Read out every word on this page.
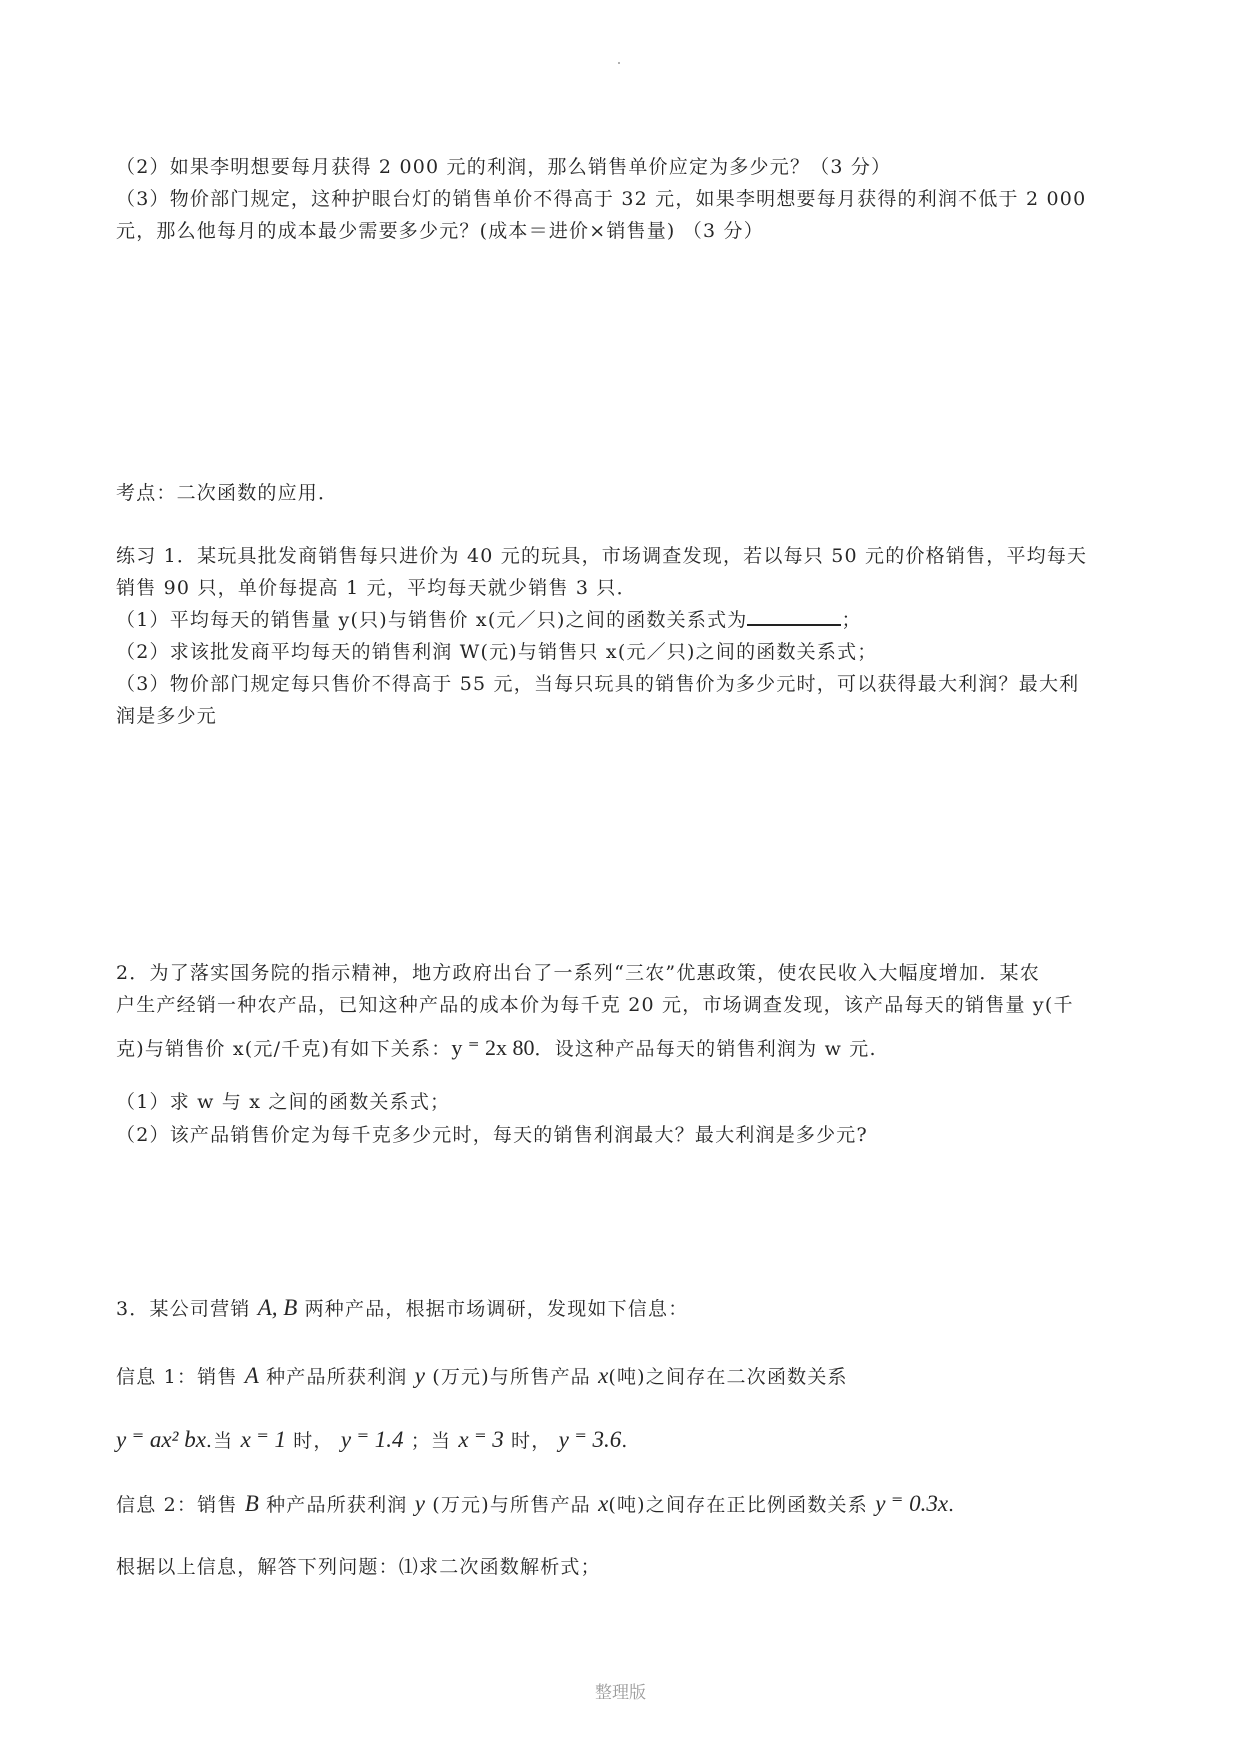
（2）如果李明想要每月获得 2 000 元的利润，那么销售单价应定为多少元？（3 分）
（3）物价部门规定，这种护眼台灯的销售单价不得高于 32 元，如果李明想要每月获得的利润不低于 2 000
元，那么他每月的成本最少需要多少元？(成本＝进价×销售量) （3 分）
考点：二次函数的应用．
练习 1．某玩具批发商销售每只进价为 40 元的玩具，市场调查发现，若以每只 50 元的价格销售，平均每天
销售 90 只，单价每提高 1 元，平均每天就少销售 3 只．
（1）平均每天的销售量 y(只)与销售价 x(元／只)之间的函数关系式为	；
（2）求该批发商平均每天的销售利润 W(元)与销售只 x(元／只)之间的函数关系式；
（3）物价部门规定每只售价不得高于 55 元，当每只玩具的销售价为多少元时，可以获得最大利润？最大利
润是多少元
2．为了落实国务院的指示精神，地方政府出台了一系列“三农”优惠政策，使农民收入大幅度增加．某农
户生产经销一种农产品，已知这种产品的成本价为每千克 20 元，市场调查发现，该产品每天的销售量 y(千
克)与销售价 x(元/千克)有如下关系：y ⁼ 2x 80．设这种产品每天的销售利润为 w 元.
（1）求 w 与 x 之间的函数关系式；
（2）该产品销售价定为每千克多少元时，每天的销售利润最大？最大利润是多少元?
3．某公司营销 A, B 两种产品，根据市场调研，发现如下信息：
信息 1：销售 A 种产品所获利润 y (万元)与所售产品 x(吨)之间存在二次函数关系
y ⁼ ax² bx.当 x ⁼ 1 时， y ⁼ 1.4 ；当 x ⁼ 3 时， y ⁼ 3.6.
信息 2：销售 B 种产品所获利润 y (万元)与所售产品 x(吨)之间存在正比例函数关系 y ⁼ 0.3x.
根据以上信息，解答下列问题：⑴求二次函数解析式；
整理版
